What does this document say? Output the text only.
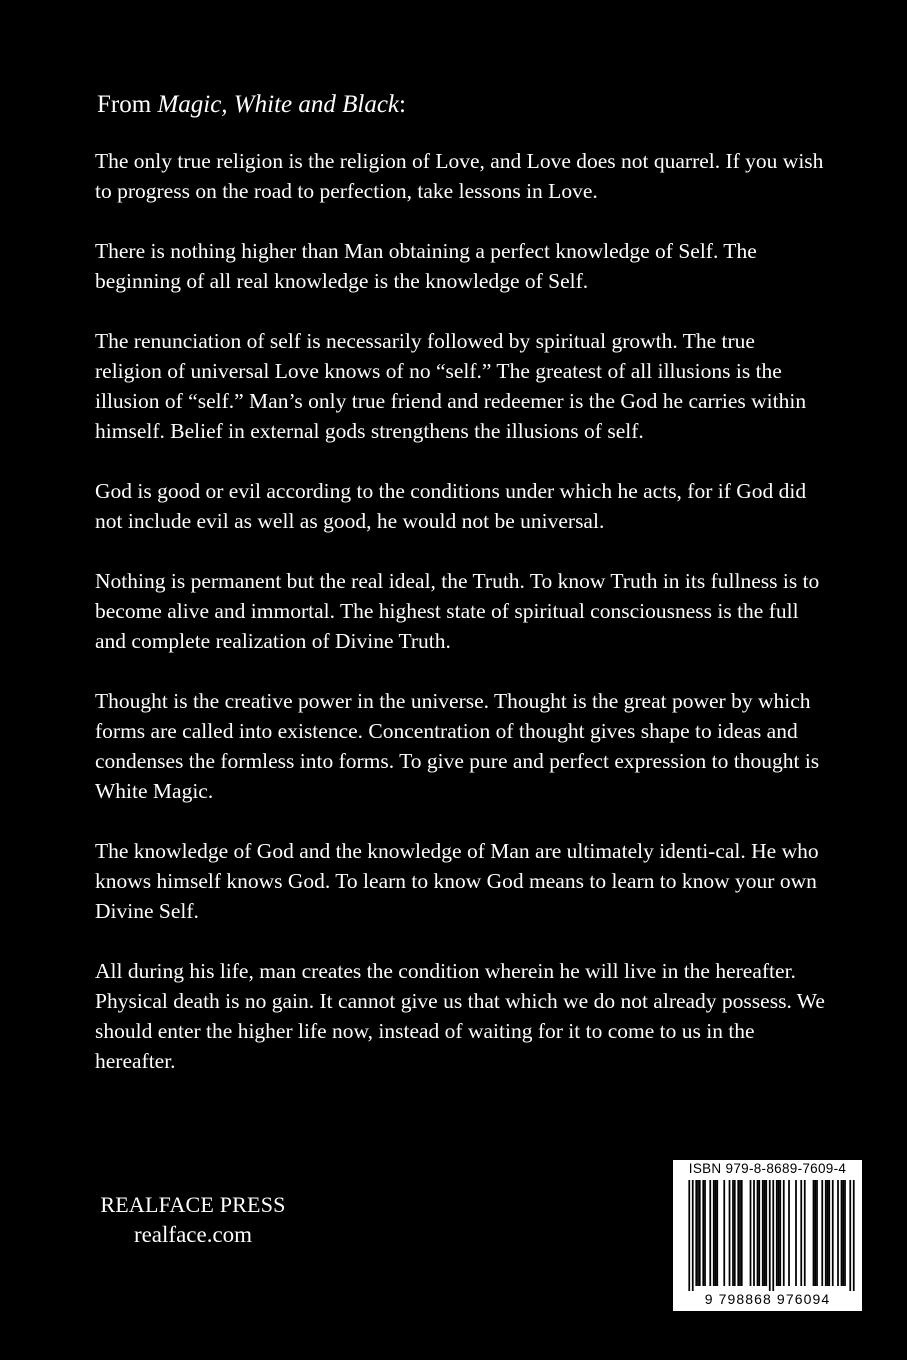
From Magic, White and Black:

The only true religion is the religion of Love, and Love does not quarrel. If you wish to progress on the road to perfection, take lessons in Love.

There is nothing higher than Man obtaining a perfect knowledge of Self. The beginning of all real knowledge is the knowledge of Self.

The renunciation of self is necessarily followed by spiritual growth. The true religion of universal Love knows of no “self.” The greatest of all illusions is the illusion of “self.” Man’s only true friend and redeemer is the God he carries within himself. Belief in external gods strengthens the illusions of self.

God is good or evil according to the conditions under which he acts, for if God did not include evil as well as good, he would not be universal.

Nothing is permanent but the real ideal, the Truth. To know Truth in its fullness is to become alive and immortal. The highest state of spiritual consciousness is the full and complete realization of Divine Truth.

Thought is the creative power in the universe. Thought is the great power by which forms are called into existence. Concentration of thought gives shape to ideas and condenses the formless into forms. To give pure and perfect expression to thought is White Magic.

The knowledge of God and the knowledge of Man are ultimately identi-cal. He who knows himself knows God. To learn to know God means to learn to know your own Divine Self.

All during his life, man creates the condition wherein he will live in the hereafter. Physical death is no gain. It cannot give us that which we do not already possess. We should enter the higher life now, instead of waiting for it to come to us in the hereafter.

REALFACE PRESS
realface.com
ISBN 979-8-8689-7609-4
9 798868 976094
